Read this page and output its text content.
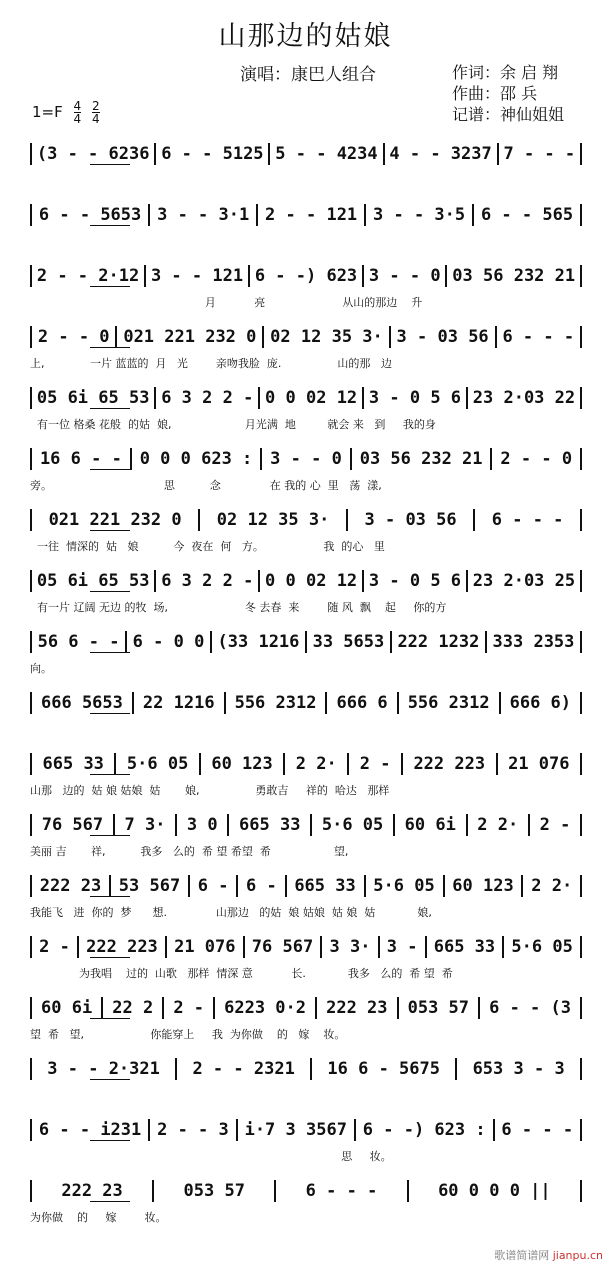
山那边的姑娘
演唱：康巴人组合	作词：余 启 翔
作曲：邵 兵
记谱：神仙姐姐
$1=F \frac{4}{4}$
$\frac{2}{4}$
(3 - - 6236 6 - - 5125 5 - - 4234 4 - - 3237 7 - - -
6 - - 5653 3 - - 3·1 2 - - 121 3 - - 3·5 6 - - 565
2 - - 2·12 3 - - 121 6 - -) 623 3 - - 0 03 56 232 21
月           亮                      从山的那边    升
2 - - 0 021 221 232 0 02 12 35 3· 3 - 03 56 6 - - -
上,             一片 蓝蓝的  月   光        亲吻我脸  庞.                山的那   边
05 6i 65 53 6 3 2 2 - 0 0 02 12 3 - 0 5 6 23 2·03 22
有一位 格桑 花般  的姑  娘,                     月光满  地         就会 来   到     我的身
16 6 - -	0 0 0 623 :	3 - - 0	03 56 232 21	2 - - 0
旁。                                思          念              在 我的 心  里   荡  漾,
021 221 232 0	02 12 35 3·	3 - 03 56	6 - - -
一往  情深的  姑   娘          今  夜在  何   方。                 我  的心   里
05 6i 65 53 6 3 2 2 - 0 0 02 12 3 - 0 5 6 23 2·03 25
有一片 辽阔 无边 的牧  场,                      冬 去春  来        随 风  飘    起     你的方
56 6 - - 6 - 0 0 (33 1216 33 5653 222 1232 333 2353
向。
666 5653	22 1216	556 2312	666 6	556 2312	666 6)
665 33	5·6 05	60 123	2 2·	2 -	222 223	21 076
山那   边的  姑 娘 姑娘  姑       娘,                勇敢吉     祥的  哈达   那样
76 567	7 3·	3 0	665 33	5·6 05	60 6i	2 2·	2 -
美丽 吉       祥,          我多   么的  希 望 希望  希                  望,
222 23	53 567	6 -	6 -	665 33	5·6 05	60 123	2 2·
我能飞   进  你的  梦      想.              山那边   的姑  娘 姑娘  姑 娘  姑            娘,
2 - 222 223 21 076 76 567 3 3· 3 - 665 33 5·6 05
为我唱    过的  山歌   那样  情深 意           长.            我多   么的  希 望  希
60 6i	22 2	2 -	6223 0·2	222 23	053 57	6 - - (3
望  希   望,                   你能穿上     我  为你做    的   嫁    妆。
3 - - 2·321	2 - - 2321	16 6 - 5675	653 3 - 3
6 - - i231 2 - - 3 i·7 3 3567 6 - -) 623 : 6 - - -
思     妆。
222 23	053 57	6 - - -	60 0 0 0 ||
为你做    的     嫁        妆。
歌谱简谱网 jianpu.cn
